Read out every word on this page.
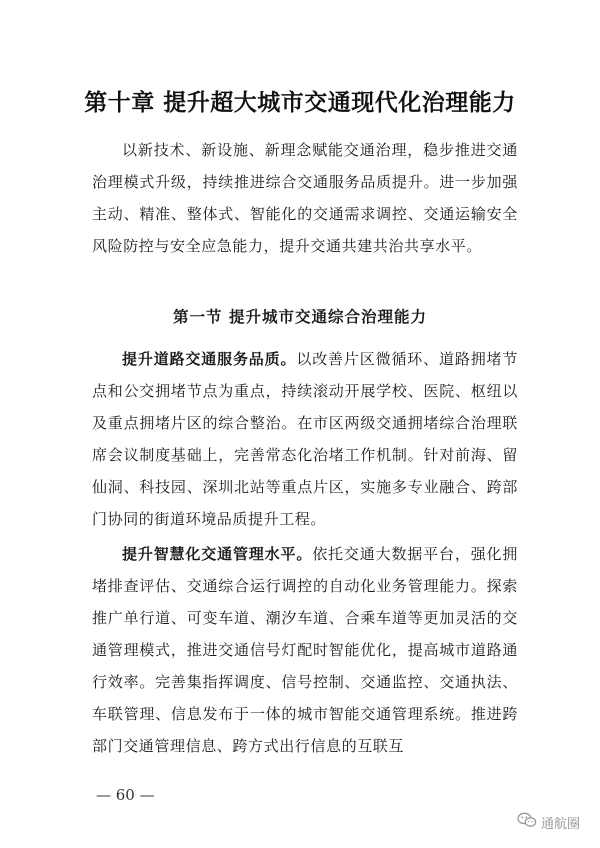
第十章 提升超大城市交通现代化治理能力

以新技术、新设施、新理念赋能交通治理，稳步推进交通治理模式升级，持续推进综合交通服务品质提升。进一步加强主动、精准、整体式、智能化的交通需求调控、交通运输安全风险防控与安全应急能力，提升交通共建共治共享水平。

第一节 提升城市交通综合治理能力

提升道路交通服务品质。以改善片区微循环、道路拥堵节点和公交拥堵节点为重点，持续滚动开展学校、医院、枢纽以及重点拥堵片区的综合整治。在市区两级交通拥堵综合治理联席会议制度基础上，完善常态化治堵工作机制。针对前海、留仙洞、科技园、深圳北站等重点片区，实施多专业融合、跨部门协同的街道环境品质提升工程。

提升智慧化交通管理水平。依托交通大数据平台，强化拥堵排查评估、交通综合运行调控的自动化业务管理能力。探索推广单行道、可变车道、潮汐车道、合乘车道等更加灵活的交通管理模式，推进交通信号灯配时智能优化，提高城市道路通行效率。完善集指挥调度、信号控制、交通监控、交通执法、车联管理、信息发布于一体的城市智能交通管理系统。推进跨部门交通管理信息、跨方式出行信息的互联互

— 60 —
通航圈
